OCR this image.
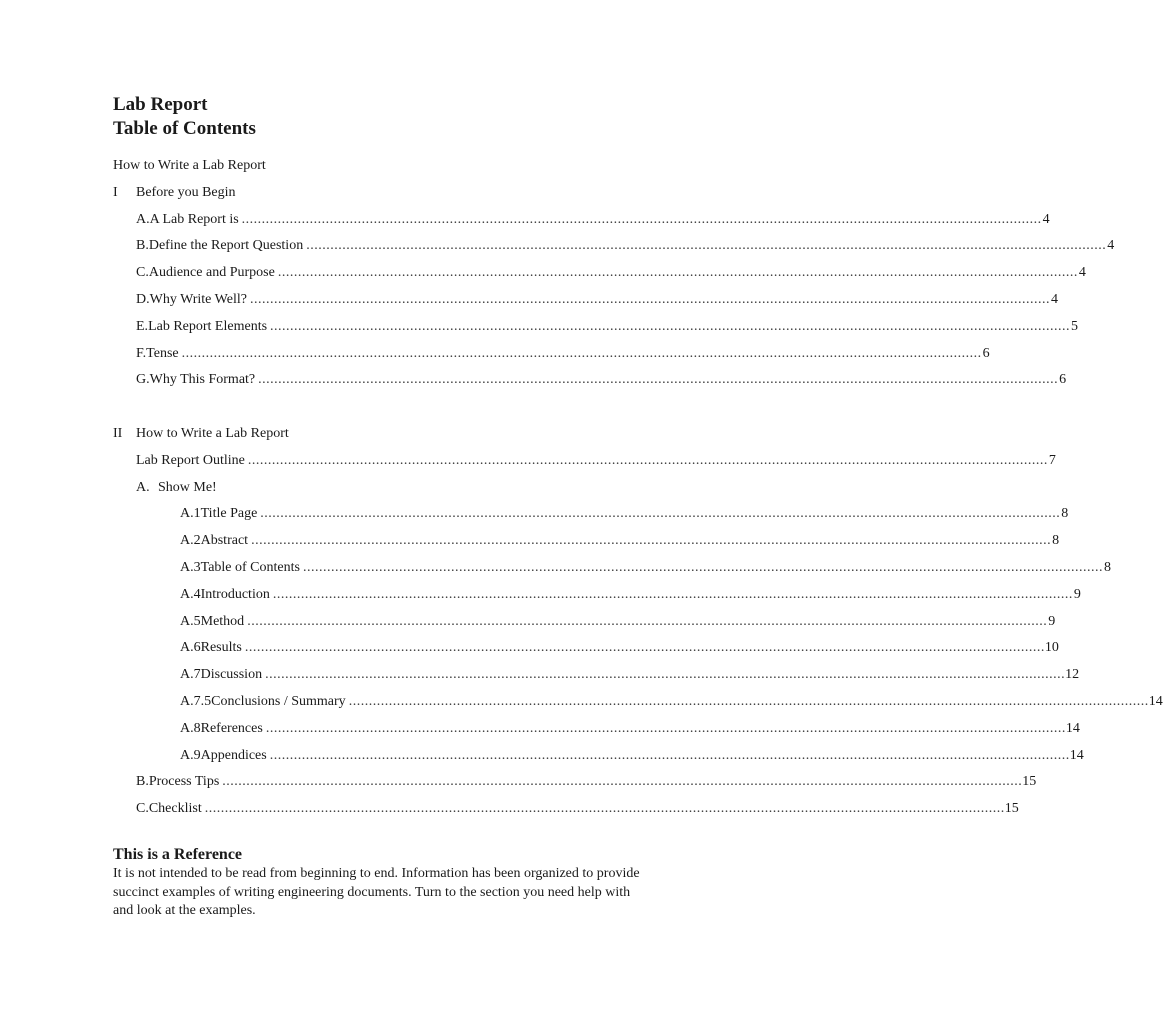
Lab Report
Table of Contents
How to Write a Lab Report
I Before you Begin
A. A Lab Report is ........................................................................................................................................................................................................ 4
B. Define the Report Question ........................................................................................................................................................................................................ 4
C. Audience and Purpose ........................................................................................................................................................................................................ 4
D. Why Write Well? ........................................................................................................................................................................................................ 4
E. Lab Report Elements ........................................................................................................................................................................................................ 5
F. Tense ........................................................................................................................................................................................................ 6
G. Why This Format? ........................................................................................................................................................................................................ 6
II How to Write a Lab Report
Lab Report Outline ........................................................................................................................................................................................................ 7
A. Show Me!
A.1 Title Page ........................................................................................................................................................................................................ 8
A.2 Abstract ........................................................................................................................................................................................................ 8
A.3 Table of Contents ........................................................................................................................................................................................................ 8
A.4 Introduction ........................................................................................................................................................................................................ 9
A.5 Method ........................................................................................................................................................................................................ 9
A.6 Results ........................................................................................................................................................................................................ 10
A.7 Discussion ........................................................................................................................................................................................................ 12
A.7.5 Conclusions / Summary ........................................................................................................................................................................................................ 14
A.8 References ........................................................................................................................................................................................................ 14
A.9 Appendices ........................................................................................................................................................................................................ 14
B. Process Tips ........................................................................................................................................................................................................ 15
C. Checklist ........................................................................................................................................................................................................ 15
This is a Reference
It is not intended to be read from beginning to end. Information has been organized to provide succinct examples of writing engineering documents. Turn to the section you need help with and look at the examples.
